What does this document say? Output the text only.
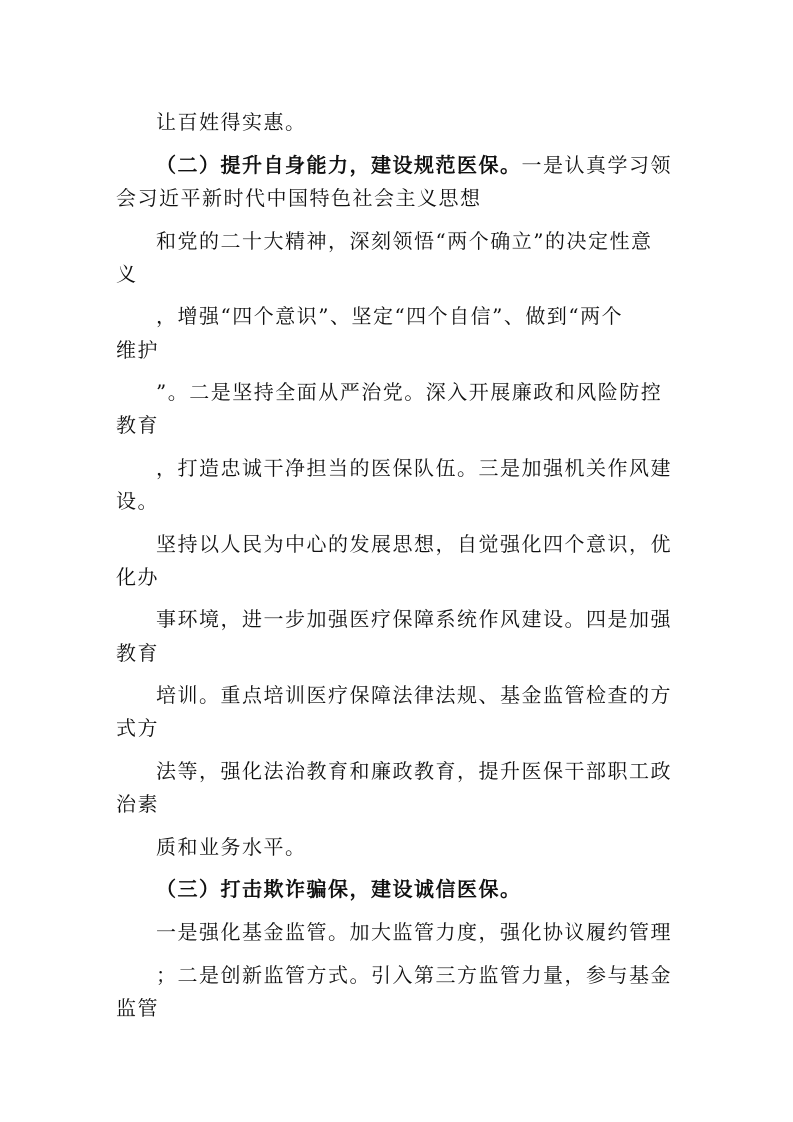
让百姓得实惠。
（二）提升自身能力，建设规范医保。一是认真学习领
会习近平新时代中国特色社会主义思想
和党的二十大精神，深刻领悟“两个确立”的决定性意
义
，增强“四个意识”、坚定“四个自信”、做到“两个
维护
”。二是坚持全面从严治党。深入开展廉政和风险防控
教育
，打造忠诚干净担当的医保队伍。三是加强机关作风建
设。
坚持以人民为中心的发展思想，自觉强化四个意识，优
化办
事环境，进一步加强医疗保障系统作风建设。四是加强
教育
培训。重点培训医疗保障法律法规、基金监管检查的方
式方
法等，强化法治教育和廉政教育，提升医保干部职工政
治素
质和业务水平。
（三）打击欺诈骗保，建设诚信医保。
一是强化基金监管。加大监管力度，强化协议履约管理
；二是创新监管方式。引入第三方监管力量，参与基金
监管
